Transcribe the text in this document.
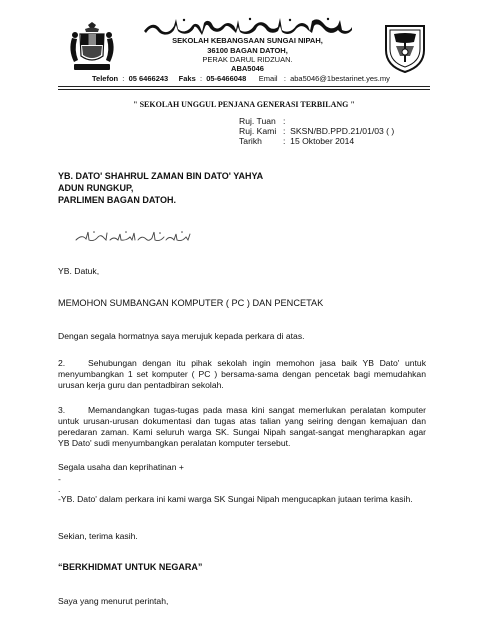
SEKOLAH KEBANGSAAN SUNGAI NIPAH,
36100 BAGAN DATOH,
PERAK DARUL RIDZUAN.
ABA5046
Telefon  :  05 6466243 Faks  :  05-6466048 Email   :  aba5046@1bestarinet.yes.my
" SEKOLAH UNGGUL PENJANA GENERASI TERBILANG "
Ruj. Tuan :
Ruj. Kami :  SKSN/BD.PPD.21/01/03 ( )
Tarikh :  15 Oktober 2014
YB. DATO' SHAHRUL ZAMAN BIN DATO' YAHYA
ADUN RUNGKUP,
PARLIMEN BAGAN DATOH.
YB. Datuk,
MEMOHON SUMBANGAN KOMPUTER ( PC ) DAN PENCETAK
Dengan segala hormatnya saya merujuk kepada perkara di atas.
2.	Sehubungan dengan itu pihak sekolah ingin memohon jasa baik YB Dato' untuk menyumbangkan 1 set komputer ( PC ) bersama-sama dengan pencetak bagi memudahkan urusan kerja guru dan pentadbiran sekolah.
3.	Memandangkan tugas-tugas pada masa kini sangat memerlukan peralatan komputer untuk urusan-urusan dokumentasi dan tugas atas talian yang seiring dengan kemajuan dan peredaran zaman. Kami seluruh warga SK. Sungai Nipah sangat-sangat mengharapkan agar YB Dato' sudi menyumbangkan peralatan komputer tersebut.
Segala usaha dan keprihatinan +
-
.
-YB. Dato' dalam perkara ini kami warga SK Sungai Nipah mengucapkan jutaan terima kasih.
Sekian, terima kasih.
“BERKHIDMAT UNTUK NEGARA”
Saya yang menurut perintah,
